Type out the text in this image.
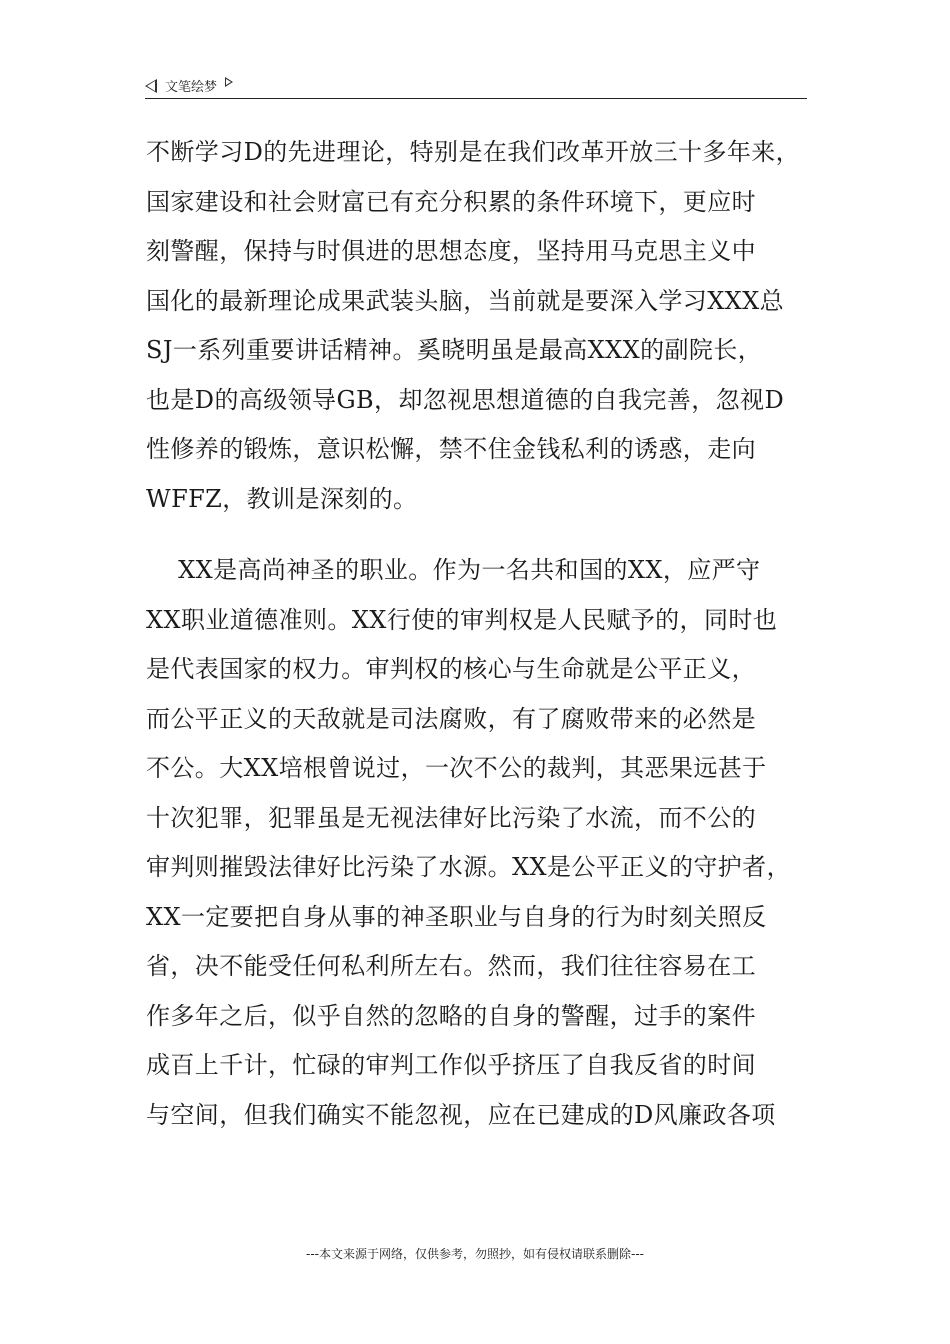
文笔绘梦
不断学习D的先进理论，特别是在我们改革开放三十多年来，
国家建设和社会财富已有充分积累的条件环境下，更应时
刻警醒，保持与时俱进的思想态度，坚持用马克思主义中
国化的最新理论成果武装头脑，当前就是要深入学习XXX总
SJ一系列重要讲话精神。奚晓明虽是最高XXX的副院长，
也是D的高级领导GB，却忽视思想道德的自我完善，忽视D
性修养的锻炼，意识松懈，禁不住金钱私利的诱惑，走向
WFFZ，教训是深刻的。
XX是高尚神圣的职业。作为一名共和国的XX，应严守
XX职业道德准则。XX行使的审判权是人民赋予的，同时也
是代表国家的权力。审判权的核心与生命就是公平正义，
而公平正义的天敌就是司法腐败，有了腐败带来的必然是
不公。大XX培根曾说过，一次不公的裁判，其恶果远甚于
十次犯罪，犯罪虽是无视法律好比污染了水流，而不公的
审判则摧毁法律好比污染了水源。XX是公平正义的守护者，
XX一定要把自身从事的神圣职业与自身的行为时刻关照反
省，决不能受任何私利所左右。然而，我们往往容易在工
作多年之后，似乎自然的忽略的自身的警醒，过手的案件
成百上千计，忙碌的审判工作似乎挤压了自我反省的时间
与空间，但我们确实不能忽视，应在已建成的D风廉政各项
---本文来源于网络，仅供参考，勿照抄，如有侵权请联系删除---
